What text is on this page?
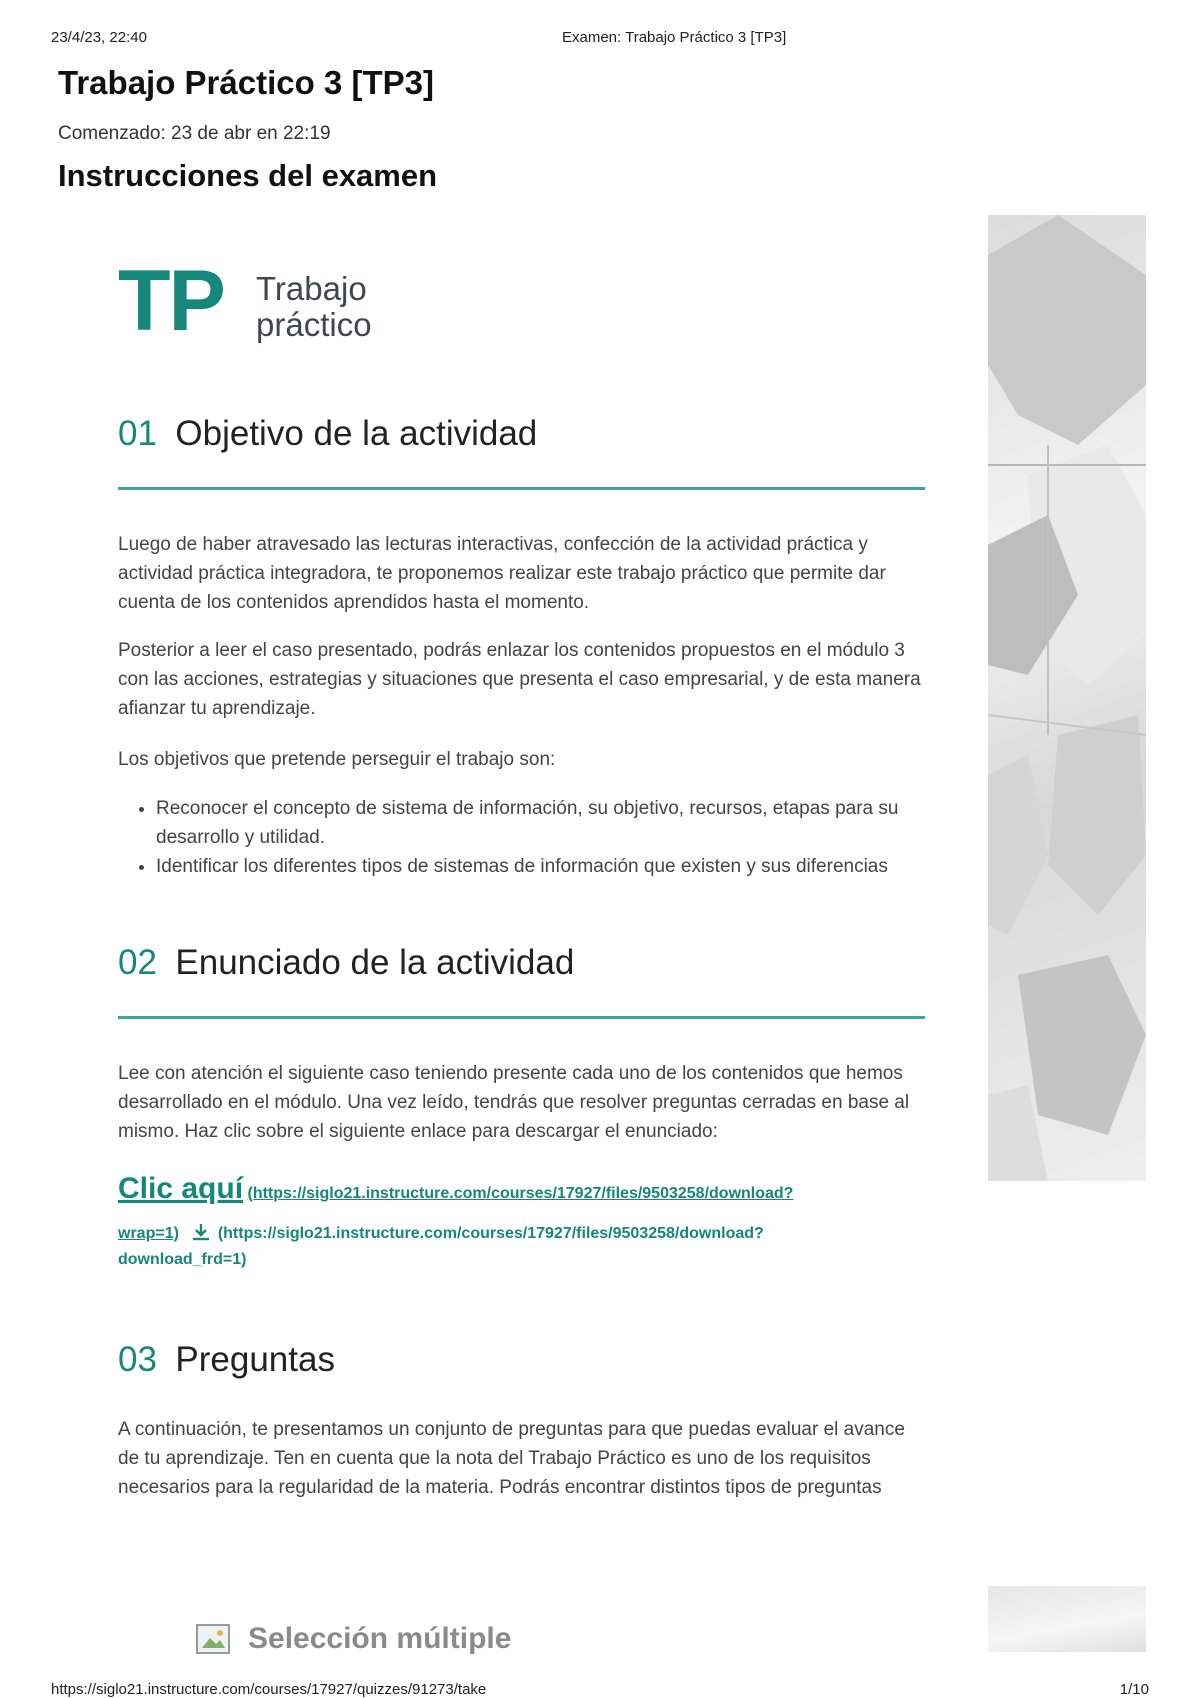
23/4/23, 22:40	Examen: Trabajo Práctico 3 [TP3]
Trabajo Práctico 3 [TP3]
Comenzado: 23 de abr en 22:19
Instrucciones del examen
TP Trabajo
práctico
01 Objetivo de la actividad

Luego de haber atravesado las lecturas interactivas, confección de la actividad práctica y actividad práctica integradora, te proponemos realizar este trabajo práctico que permite dar cuenta de los contenidos aprendidos hasta el momento.

Posterior a leer el caso presentado, podrás enlazar los contenidos propuestos en el módulo 3 con las acciones, estrategias y situaciones que presenta el caso empresarial, y de esta manera afianzar tu aprendizaje.

Los objetivos que pretende perseguir el trabajo son:

• Reconocer el concepto de sistema de información, su objetivo, recursos, etapas para su desarrollo y utilidad.
• Identificar los diferentes tipos de sistemas de información que existen y sus diferencias
02 Enunciado de la actividad

Lee con atención el siguiente caso teniendo presente cada uno de los contenidos que hemos desarrollado en el módulo. Una vez leído, tendrás que resolver preguntas cerradas en base al mismo. Haz clic sobre el siguiente enlace para descargar el enunciado:

Clic aquí (https://siglo21.instructure.com/courses/17927/files/9503258/download?
wrap=1) (https://siglo21.instructure.com/courses/17927/files/9503258/download?
download_frd=1)
03 Preguntas

A continuación, te presentamos un conjunto de preguntas para que puedas evaluar el avance de tu aprendizaje. Ten en cuenta que la nota del Trabajo Práctico es uno de los requisitos necesarios para la regularidad de la materia. Podrás encontrar distintos tipos de preguntas

Selección múltiple
https://siglo21.instructure.com/courses/17927/quizzes/91273/take	1/10
